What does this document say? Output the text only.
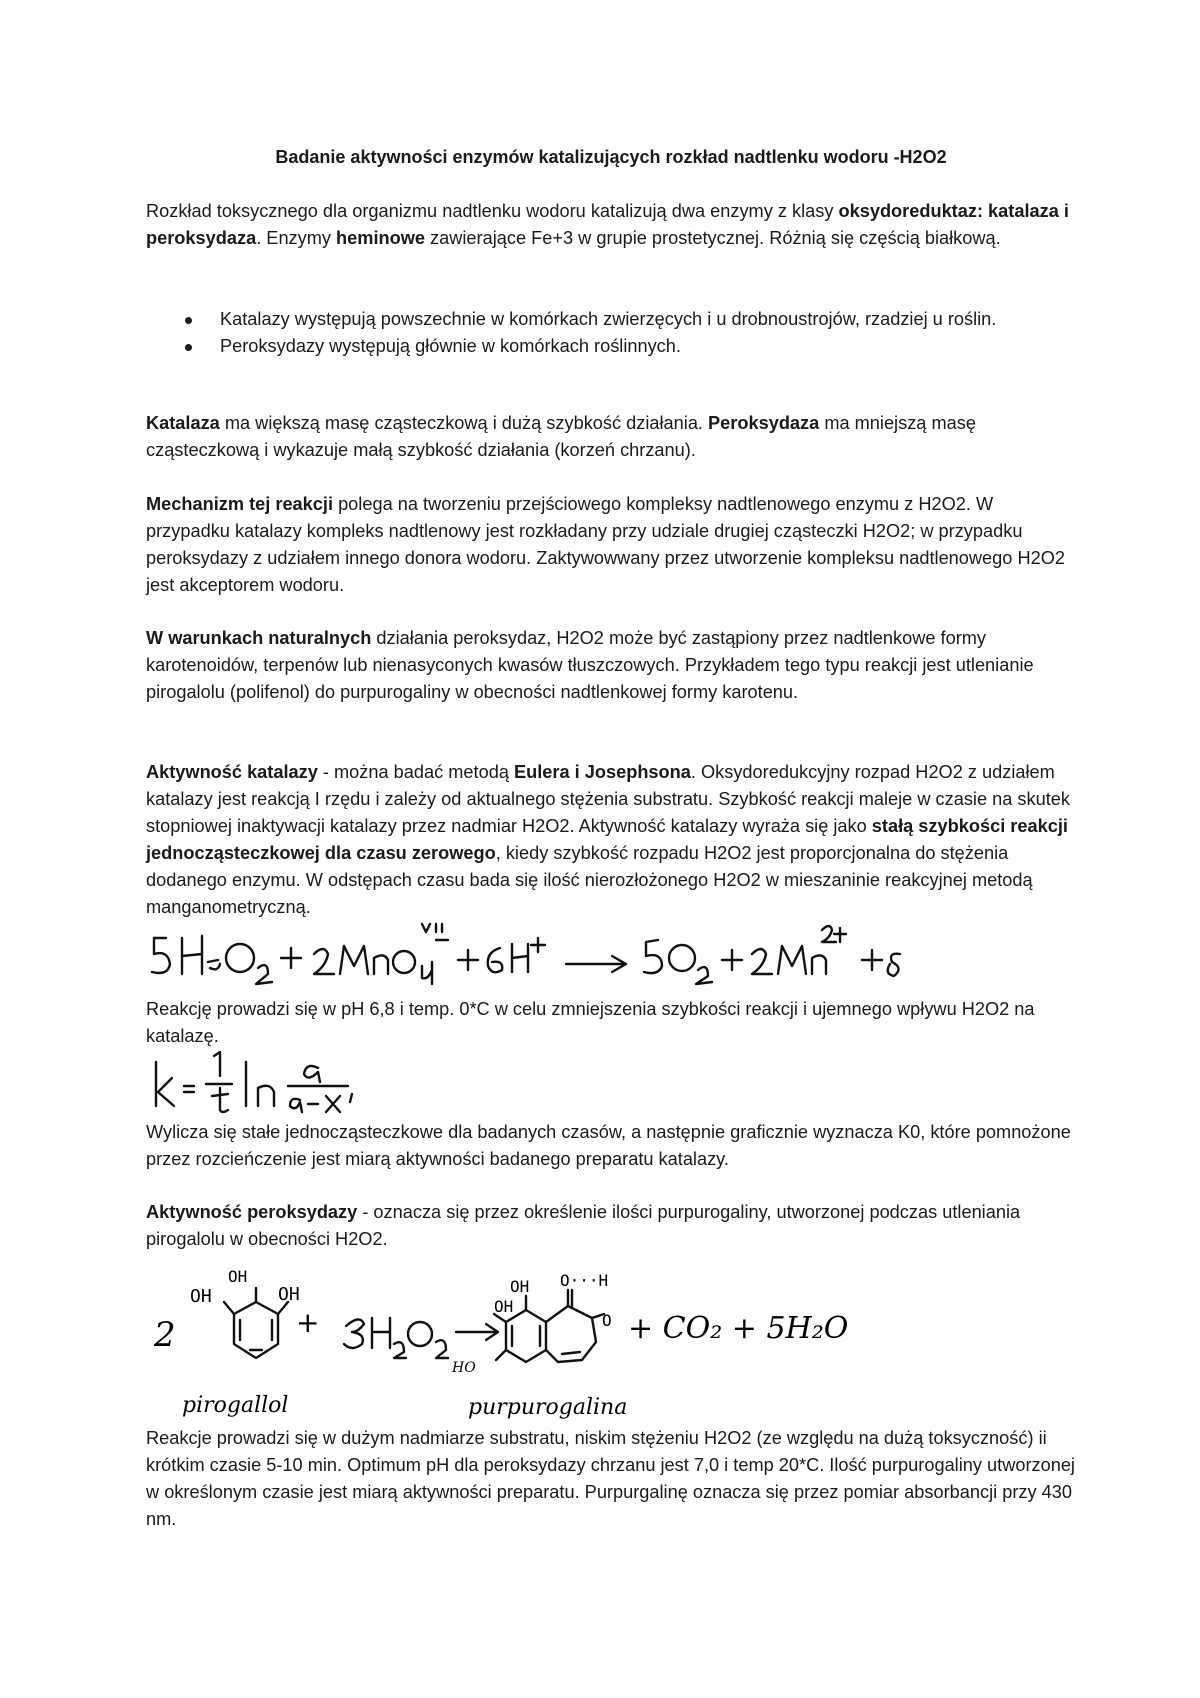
Badanie aktywności enzymów katalizujących rozkład nadtlenku wodoru -H2O2

Rozkład toksycznego dla organizmu nadtlenku wodoru katalizują dwa enzymy z klasy oksydoreduktaz: katalaza i peroksydaza. Enzymy heminowe zawierające Fe+3 w grupie prostetycznej. Różnią się częścią białkową.

Katalazy występują powszechnie w komórkach zwierzęcych i u drobnoustrojów, rzadziej u roślin.
Peroksydazy występują głównie w komórkach roślinnych.

Katalaza ma większą masę cząsteczkową i dużą szybkość działania. Peroksydaza ma mniejszą masę cząsteczkową i wykazuje małą szybkość działania (korzeń chrzanu).

Mechanizm tej reakcji polega na tworzeniu przejściowego kompleksy nadtlenowego enzymu z H2O2. W przypadku katalazy kompleks nadtlenowy jest rozkładany przy udziale drugiej cząsteczki H2O2; w przypadku peroksydazy z udziałem innego donora wodoru. Zaktywowwany przez utworzenie kompleksu nadtlenowego H2O2 jest akceptorem wodoru.

W warunkach naturalnych działania peroksydaz, H2O2 może być zastąpiony przez nadtlenkowe formy karotenoidów, terpenów lub nienasyconych kwasów tłuszczowych. Przykładem tego typu reakcji jest utlenianie pirogalolu (polifenol) do purpurogaliny w obecności nadtlenkowej formy karotenu.

Aktywność katalazy - można badać metodą Eulera i Josephsona. Oksydoredukcyjny rozpad H2O2 z udziałem katalazy jest reakcją I rzędu i zależy od aktualnego stężenia substratu. Szybkość reakcji maleje w czasie na skutek stopniowej inaktywacji katalazy przez nadmiar H2O2. Aktywność katalazy wyraża się jako stałą szybkości reakcji jednocząsteczkowej dla czasu zerowego, kiedy szybkość rozpadu H2O2 jest proporcjonalna do stężenia dodanego enzymu. W odstępach czasu bada się ilość nierozłożonego H2O2 w mieszaninie reakcyjnej metodą manganometryczną.

Reakcję prowadzi się w pH 6,8 i temp. 0*C w celu zmniejszenia szybkości reakcji i ujemnego wpływu H2O2 na katalazę.

Wylicza się stałe jednocząsteczkowe dla badanych czasów, a następnie graficznie wyznacza K0, które pomnożone przez rozcieńczenie jest miarą aktywności badanego preparatu katalazy.

Aktywność peroksydazy - oznacza się przez określenie ilości purpurogaliny, utworzonej podczas utleniania pirogalolu w obecności H2O2.

Reakcje prowadzi się w dużym nadmiarze substratu, niskim stężeniu H2O2 (ze względu na dużą toksyczność) ii krótkim czasie 5-10 min. Optimum pH dla peroksydazy chrzanu jest 7,0 i temp 20*C. Ilość purpurogaliny utworzonej w określonym czasie jest miarą aktywności preparatu. Purpurgalinę oznacza się przez pomiar absorbancji przy 430 nm.

2
OH
OH
OH
+	OH
OH O···H
O
HO
+ CO₂ + 5H₂O
pirogallol	purpurogalina
